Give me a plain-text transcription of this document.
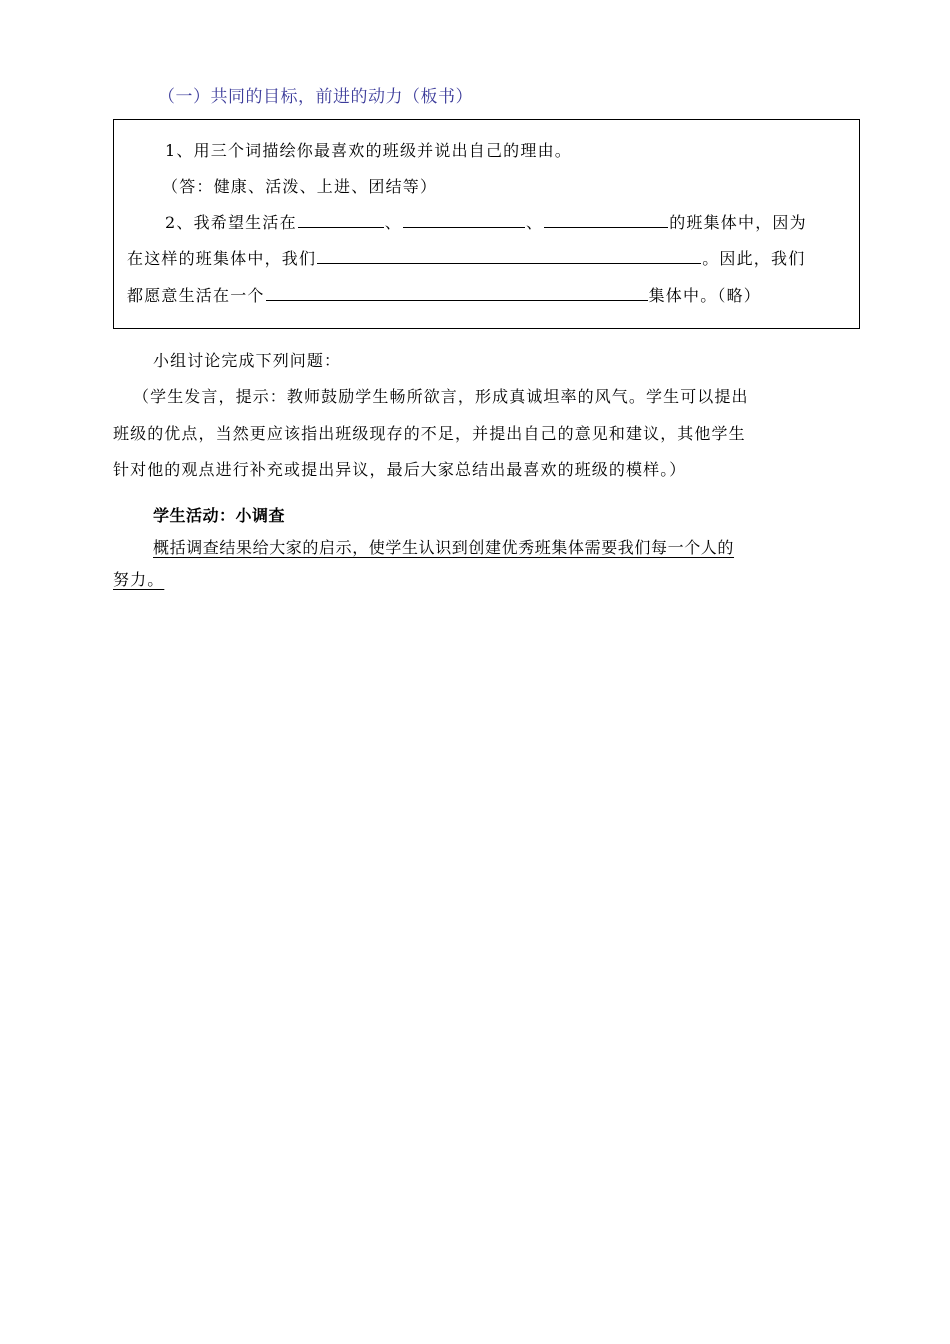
（一）共同的目标，前进的动力（板书）
1、用三个词描绘你最喜欢的班级并说出自己的理由。
（答：健康、活泼、上进、团结等）
2、我希望生活在	、	、	的班集体中，因为
在这样的班集体中，我们	。因此，我们
都愿意生活在一个	集体中。（略）
小组讨论完成下列问题：
（学生发言，提示：教师鼓励学生畅所欲言，形成真诚坦率的风气。学生可以提出
班级的优点，当然更应该指出班级现存的不足，并提出自己的意见和建议，其他学生
针对他的观点进行补充或提出异议，最后大家总结出最喜欢的班级的模样。）
学生活动：小调查
概括调查结果给大家的启示，使学生认识到创建优秀班集体需要我们每一个人的
努力。
